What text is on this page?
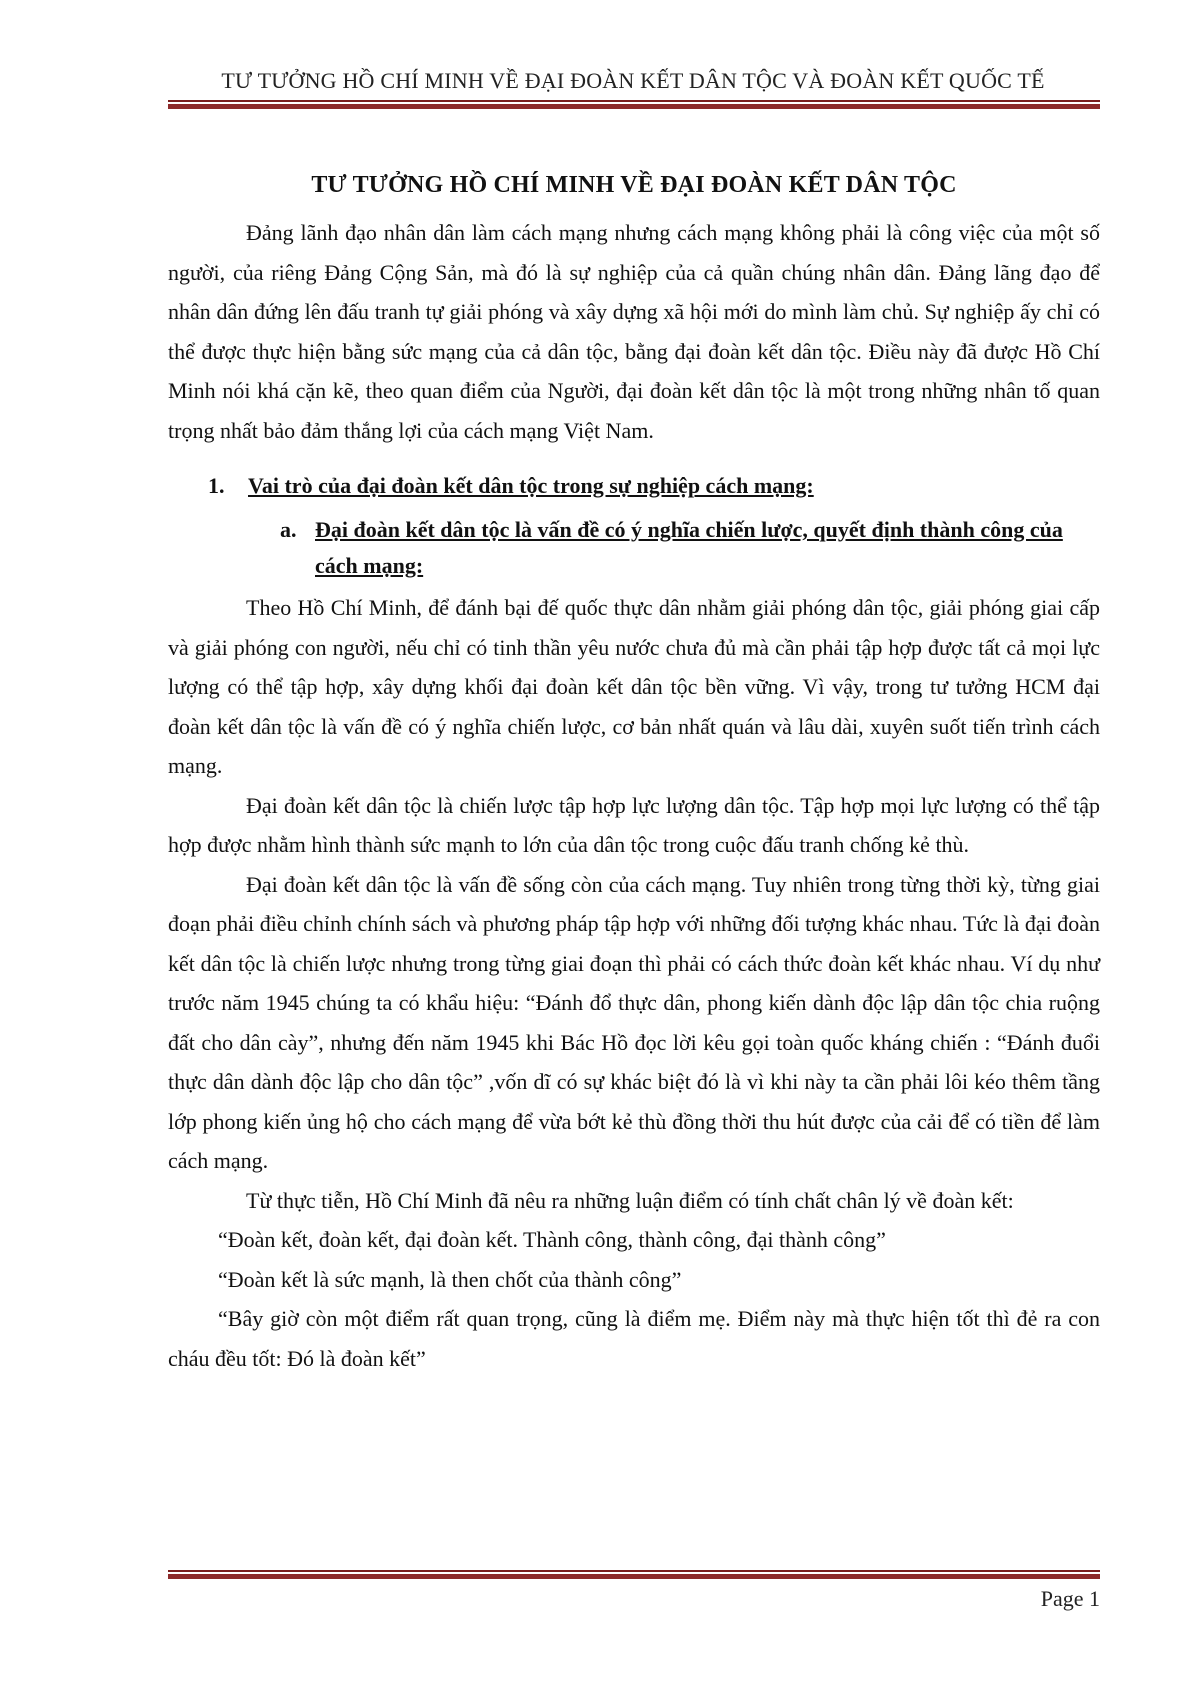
TƯ TƯỞNG HỒ CHÍ MINH VỀ ĐẠI ĐOÀN KẾT DÂN TỘC VÀ ĐOÀN KẾT QUỐC TẾ
TƯ TƯỞNG HỒ CHÍ MINH VỀ ĐẠI ĐOÀN KẾT DÂN TỘC

Đảng lãnh đạo nhân dân làm cách mạng nhưng cách mạng không phải là công việc của một số người, của riêng Đảng Cộng Sản, mà đó là sự nghiệp của cả quần chúng nhân dân. Đảng lãng đạo để nhân dân đứng lên đấu tranh tự giải phóng và xây dựng xã hội mới do mình làm chủ. Sự nghiệp ấy chỉ có thể được thực hiện bằng sức mạng của cả dân tộc, bằng đại đoàn kết dân tộc. Điều này đã được Hồ Chí Minh nói khá cặn kẽ, theo quan điểm của Người, đại đoàn kết dân tộc là một trong những nhân tố quan trọng nhất bảo đảm thắng lợi của cách mạng Việt Nam.

1.	Vai trò của đại đoàn kết dân tộc trong sự nghiệp cách mạng:
a. Đại đoàn kết dân tộc là vấn đề có ý nghĩa chiến lược, quyết định thành công của cách mạng:

Theo Hồ Chí Minh, để đánh bại đế quốc thực dân nhằm giải phóng dân tộc, giải phóng giai cấp và giải phóng con người, nếu chỉ có tinh thần yêu nước chưa đủ mà cần phải tập hợp được tất cả mọi lực lượng có thể tập hợp, xây dựng khối đại đoàn kết dân tộc bền vững. Vì vậy, trong tư tưởng HCM đại đoàn kết dân tộc là vấn đề có ý nghĩa chiến lược, cơ bản nhất quán và lâu dài, xuyên suốt tiến trình cách mạng.

Đại đoàn kết dân tộc là chiến lược tập hợp lực lượng dân tộc. Tập hợp mọi lực lượng có thể tập hợp được nhằm hình thành sức mạnh to lớn của dân tộc trong cuộc đấu tranh chống kẻ thù.

Đại đoàn kết dân tộc là vấn đề sống còn của cách mạng. Tuy nhiên trong từng thời kỳ, từng giai đoạn phải điều chỉnh chính sách và phương pháp tập hợp với những đối tượng khác nhau. Tức là đại đoàn kết dân tộc là chiến lược nhưng trong từng giai đoạn thì phải có cách thức đoàn kết khác nhau. Ví dụ như trước năm 1945 chúng ta có khẩu hiệu: “Đánh đổ thực dân, phong kiến dành độc lập dân tộc chia ruộng đất cho dân cày”, nhưng đến năm 1945 khi Bác Hồ đọc lời kêu gọi toàn quốc kháng chiến : “Đánh đuổi thực dân dành độc lập cho dân tộc” ,vốn dĩ có sự khác biệt đó là vì khi này ta cần phải lôi kéo thêm tầng lớp phong kiến ủng hộ cho cách mạng để vừa bớt kẻ thù đồng thời thu hút được của cải để có tiền để làm cách mạng.

Từ thực tiễn, Hồ Chí Minh đã nêu ra những luận điểm có tính chất chân lý về đoàn kết:

“Đoàn kết, đoàn kết, đại đoàn kết. Thành công, thành công, đại thành công”

“Đoàn kết là sức mạnh, là then chốt của thành công”

“Bây giờ còn một điểm rất quan trọng, cũng là điểm mẹ. Điểm này mà thực hiện tốt thì đẻ ra con cháu đều tốt: Đó là đoàn kết”

Page 1
